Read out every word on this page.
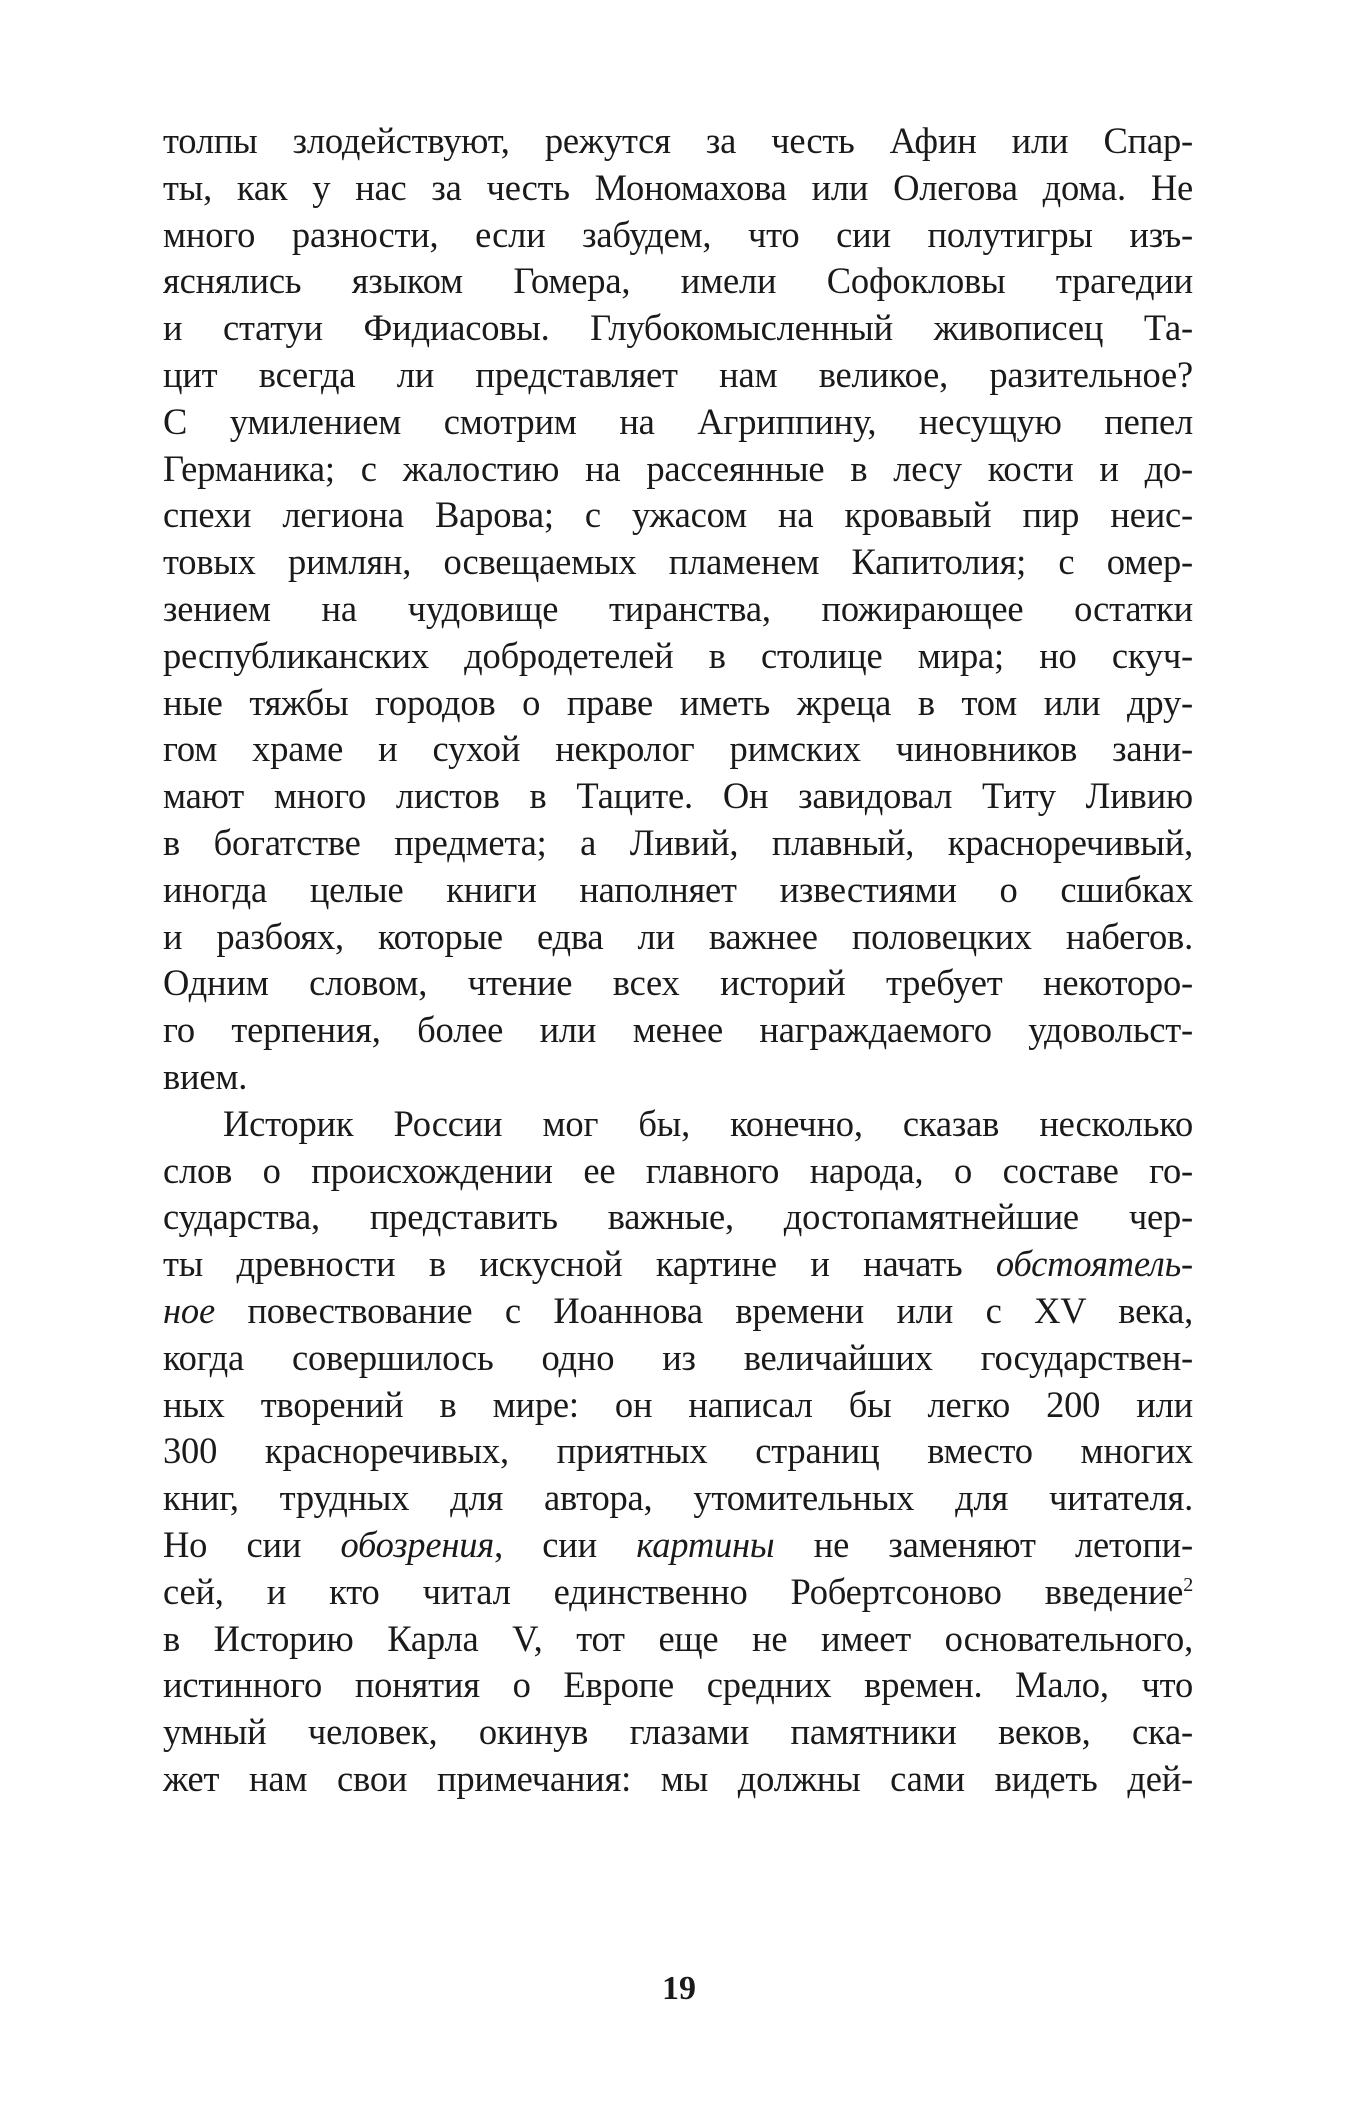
толпы злодействуют, режутся за честь Афин или Спар-
ты, как у нас за честь Мономахова или Олегова дома. Не
много разности, если забудем, что сии полутигры изъ-
яснялись языком Гомера, имели Софокловы трагедии
и статуи Фидиасовы. Глубокомысленный живописец Та-
цит всегда ли представляет нам великое, разительное?
С умилением смотрим на Агриппину, несущую пепел
Германика; с жалостию на рассеянные в лесу кости и до-
спехи легиона Варова; с ужасом на кровавый пир неис-
товых римлян, освещаемых пламенем Капитолия; с омер-
зением на чудовище тиранства, пожирающее остатки
республиканских добродетелей в столице мира; но скуч-
ные тяжбы городов о праве иметь жреца в том или дру-
гом храме и сухой некролог римских чиновников зани-
мают много листов в Таците. Он завидовал Титу Ливию
в богатстве предмета; а Ливий, плавный, красноречивый,
иногда целые книги наполняет известиями о сшибках
и разбоях, которые едва ли важнее половецких набегов.
Одним словом, чтение всех историй требует некоторо-
го терпения, более или менее награждаемого удовольст-
вием.
Историк России мог бы, конечно, сказав несколько
слов о происхождении ее главного народа, о составе го-
сударства, представить важные, достопамятнейшие чер-
ты древности в искусной картине и начать обстоятель-
ное повествование с Иоаннова времени или с XV века,
когда совершилось одно из величайших государствен-
ных творений в мире: он написал бы легко 200 или
300 красноречивых, приятных страниц вместо многих
книг, трудных для автора, утомительных для читателя.
Но сии обозрения, сии картины не заменяют летопи-
сей, и кто читал единственно Робертсоново введение$^2$
в Историю Карла V, тот еще не имеет основательного,
истинного понятия о Европе средних времен. Мало, что
умный человек, окинув глазами памятники веков, ска-
жет нам свои примечания: мы должны сами видеть дей-
19
